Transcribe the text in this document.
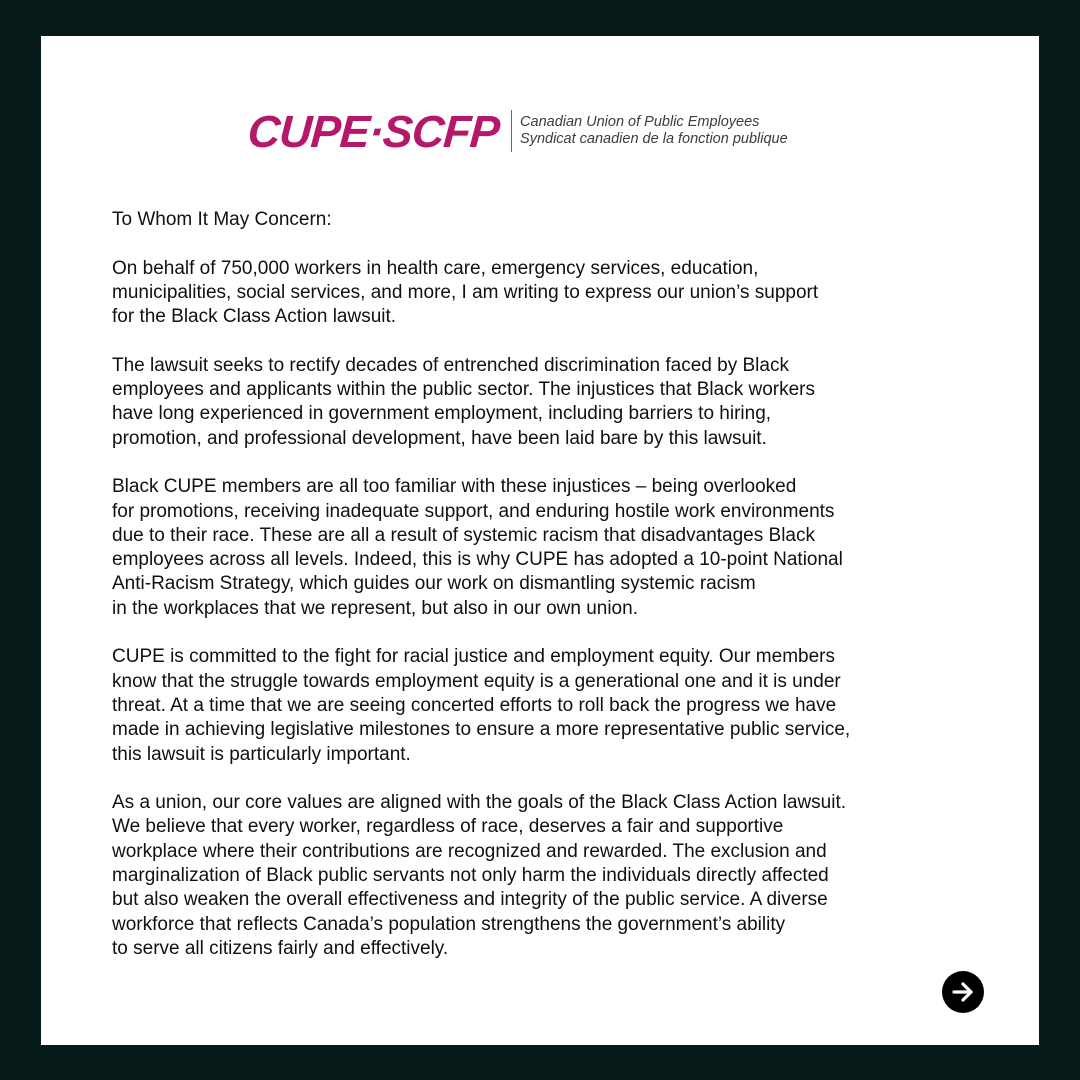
CUPE·SCFP Canadian Union of Public Employees
Syndicat canadien de la fonction publique
To Whom It May Concern:
On behalf of 750,000 workers in health care, emergency services, education,
municipalities, social services, and more, I am writing to express our union’s support
for the Black Class Action lawsuit.
The lawsuit seeks to rectify decades of entrenched discrimination faced by Black
employees and applicants within the public sector. The injustices that Black workers
have long experienced in government employment, including barriers to hiring,
promotion, and professional development, have been laid bare by this lawsuit.
Black CUPE members are all too familiar with these injustices – being overlooked
for promotions, receiving inadequate support, and enduring hostile work environments
due to their race. These are all a result of systemic racism that disadvantages Black
employees across all levels. Indeed, this is why CUPE has adopted a 10-point National
Anti-Racism Strategy, which guides our work on dismantling systemic racism
in the workplaces that we represent, but also in our own union.
CUPE is committed to the fight for racial justice and employment equity. Our members
know that the struggle towards employment equity is a generational one and it is under
threat. At a time that we are seeing concerted efforts to roll back the progress we have
made in achieving legislative milestones to ensure a more representative public service,
this lawsuit is particularly important.
As a union, our core values are aligned with the goals of the Black Class Action lawsuit.
We believe that every worker, regardless of race, deserves a fair and supportive
workplace where their contributions are recognized and rewarded. The exclusion and
marginalization of Black public servants not only harm the individuals directly affected
but also weaken the overall effectiveness and integrity of the public service. A diverse
workforce that reflects Canada’s population strengthens the government’s ability
to serve all citizens fairly and effectively.
